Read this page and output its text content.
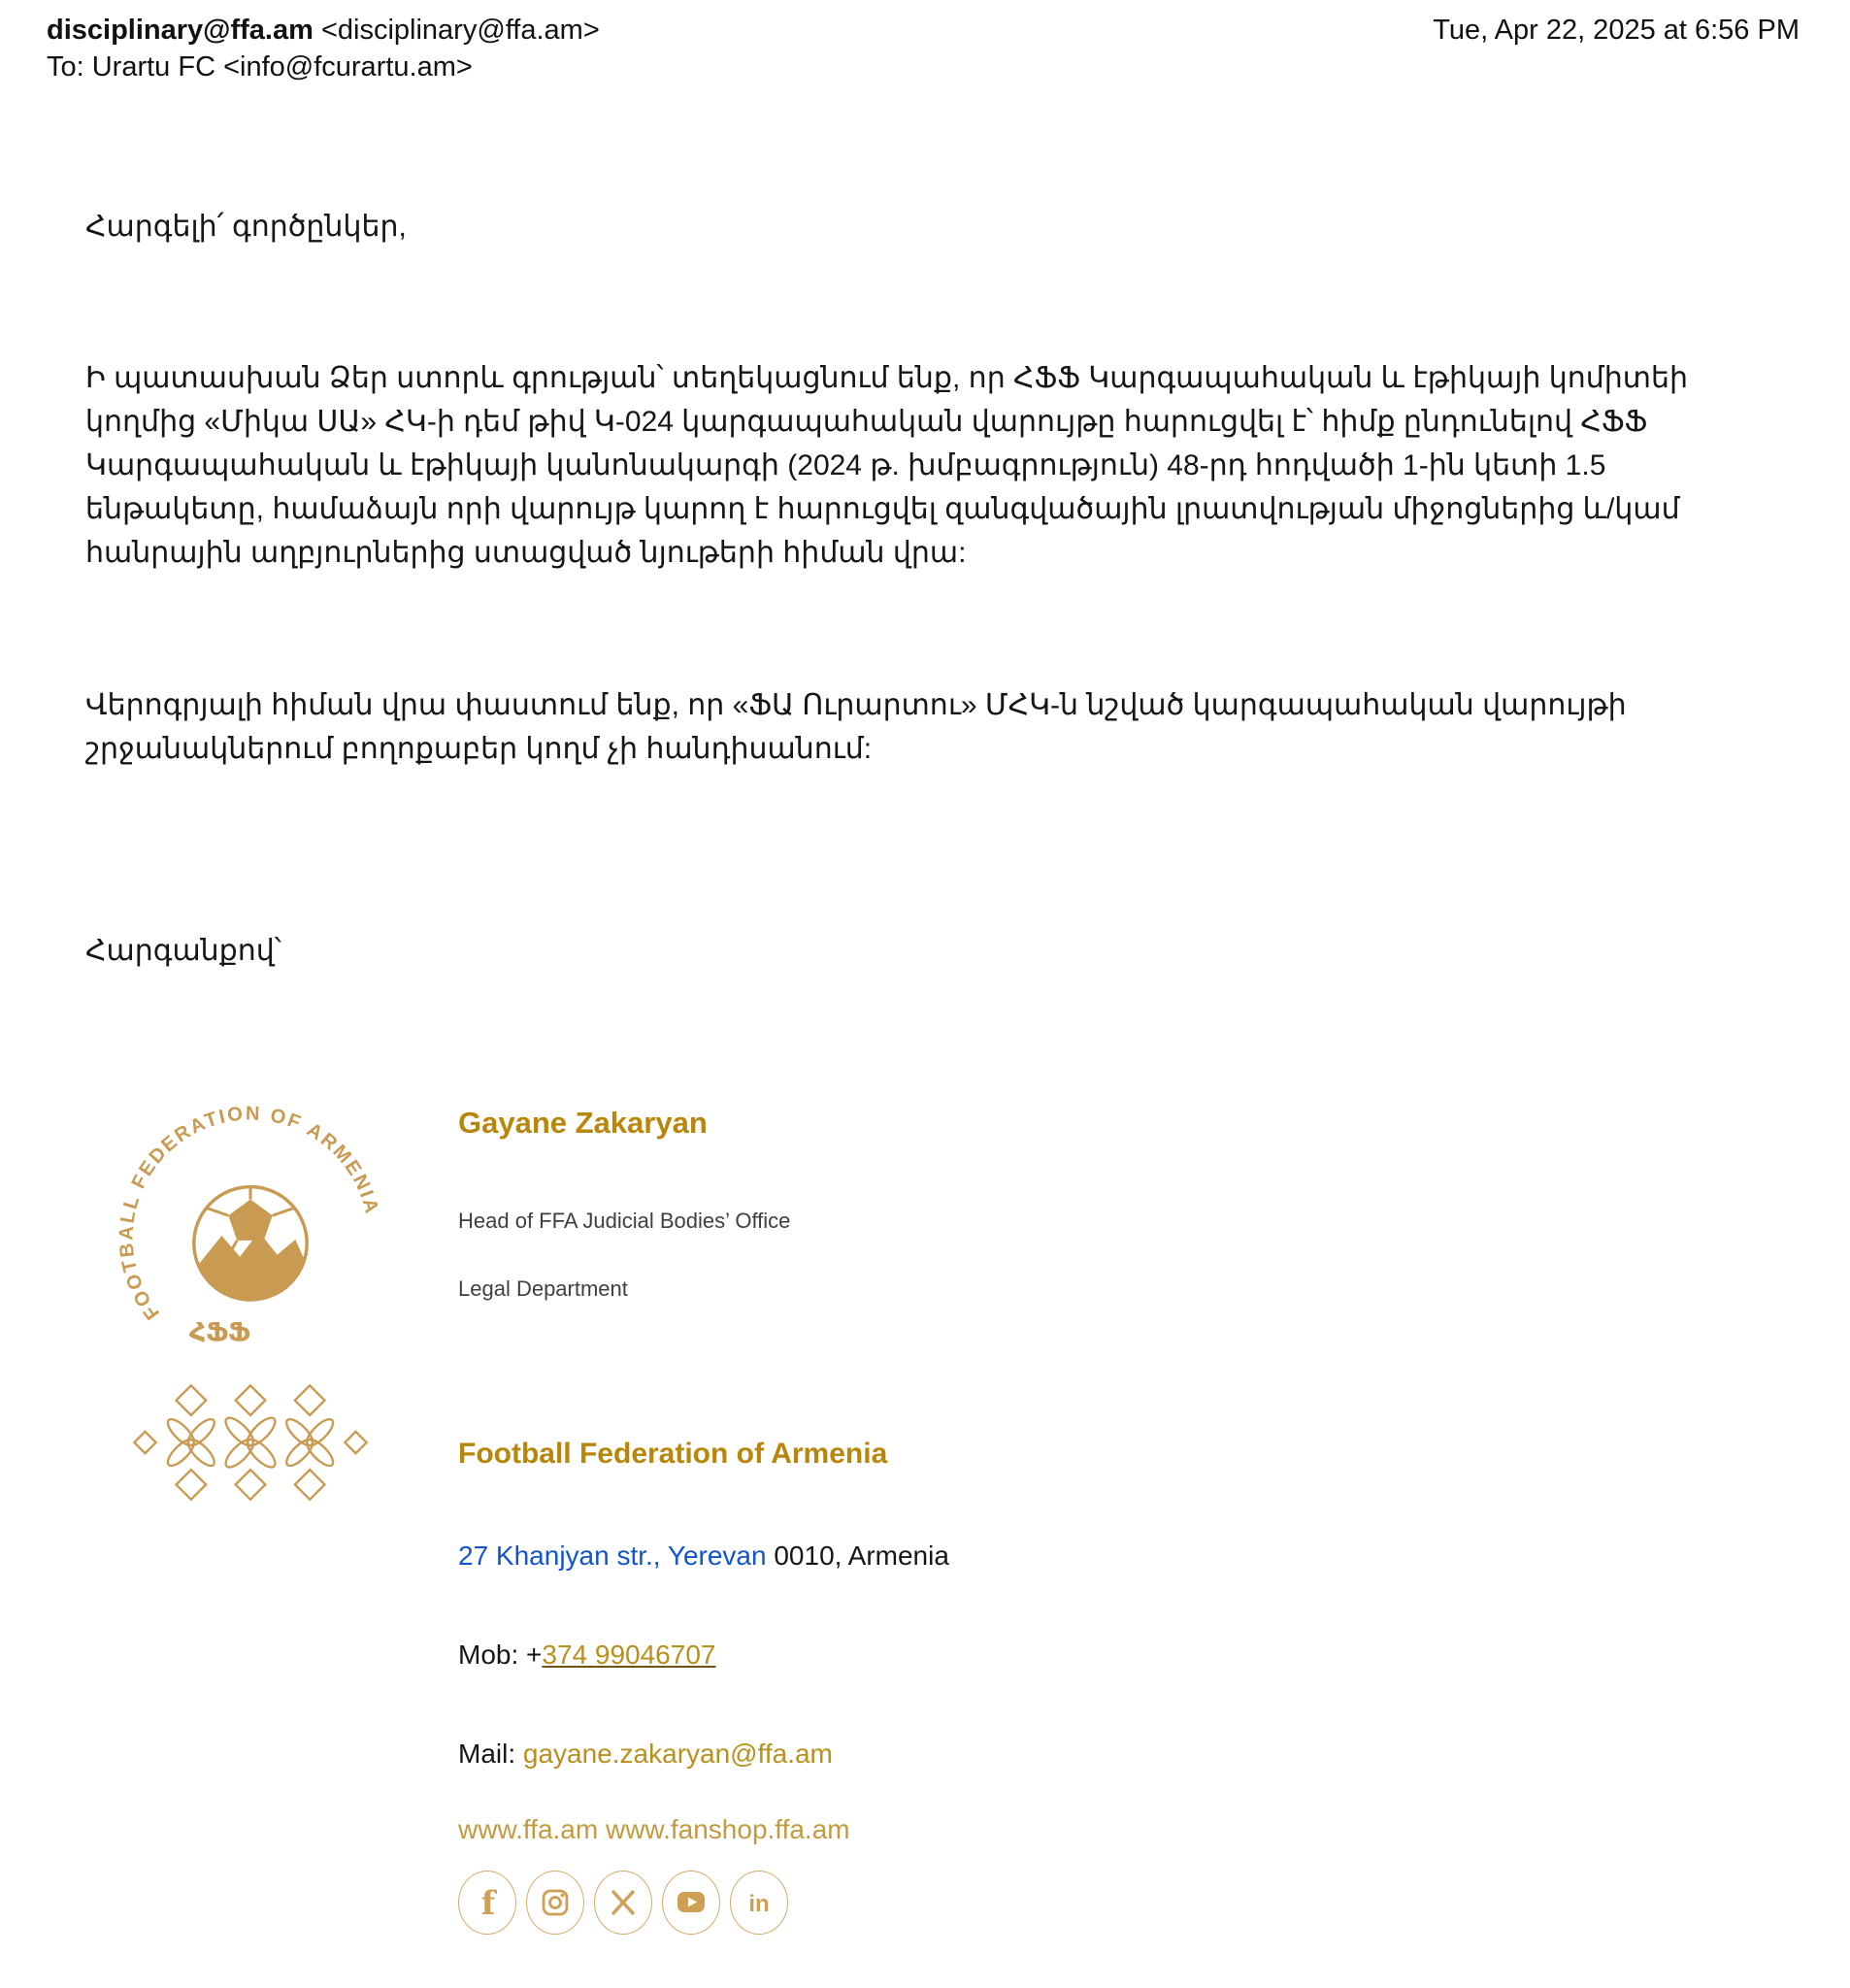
disciplinary@ffa.am <disciplinary@ffa.am>
To: Urartu FC <info@fcurartu.am>
Tue, Apr 22, 2025 at 6:56 PM

Հարգելի՛ գործընկեր,

Ի պատասխան Ձեր ստորև գրության՝ տեղեկացնում ենք, որ ՀՖՖ Կարգապահական և էթիկայի կոմիտեի կողմից «Միկա ՍԱ» ՀԿ-ի դեմ թիվ Կ-024 կարգապահական վարույթը հարուցվել է՝ հիմք ընդունելով ՀՖՖ Կարգապահական և էթիկայի կանոնակարգի (2024 թ. խմբագրություն) 48-րդ հոդվածի 1-ին կետի 1.5 ենթակետը, համաձայն որի վարույթ կարող է հարուցվել զանգվածային լրատվության միջոցներից և/կամ հանրային աղբյուրներից ստացված նյութերի հիման վրա:

Վերոգրյալի հիման վրա փաստում ենք, որ «ՖԱ Ուրարտու» ՄՀԿ-ն նշված կարգապահական վարույթի շրջանակներում բողոքաբեր կողմ չի հանդիսանում:

Հարգանքով՝

FOOTBALL FEDERATION OF ARMENIA
ՀՖՖ
Gayane Zakaryan
Head of FFA Judicial Bodies’ Office
Legal Department
Football Federation of Armenia
27 Khanjyan str., Yerevan 0010, Armenia
Mob: +374 99046707
Mail: gayane.zakaryan@ffa.am
www.ffa.am www.fanshop.ffa.am
f	in
